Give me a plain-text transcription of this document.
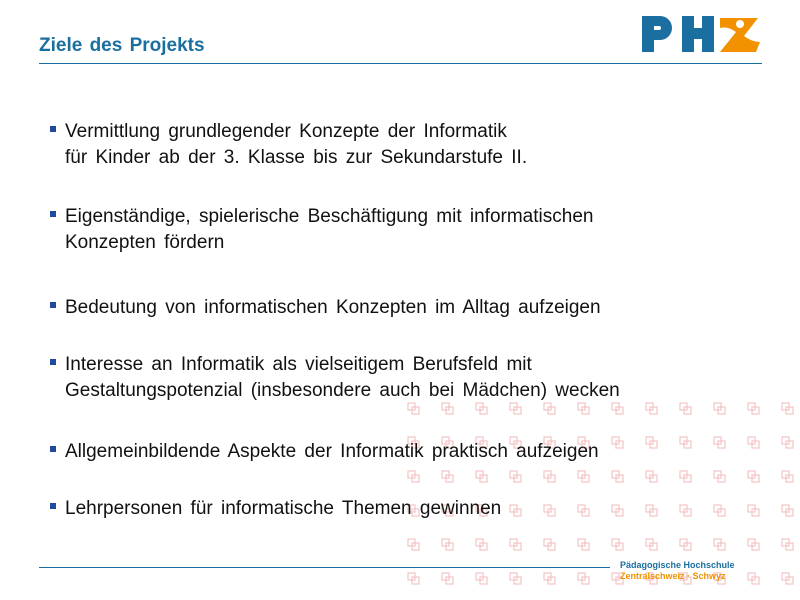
Ziele des Projekts
Vermittlung grundlegender Konzepte der Informatik
für Kinder ab der 3. Klasse bis zur Sekundarstufe II.
Eigenständige, spielerische Beschäftigung mit informatischen
Konzepten fördern
Bedeutung von informatischen Konzepten im Alltag aufzeigen
Interesse an Informatik als vielseitigem Berufsfeld mit
Gestaltungspotenzial (insbesondere auch bei Mädchen) wecken
Allgemeinbildende Aspekte der Informatik praktisch aufzeigen
Lehrpersonen für informatische Themen gewinnen
Pädagogische Hochschule
Zentralschweiz · Schwyz
